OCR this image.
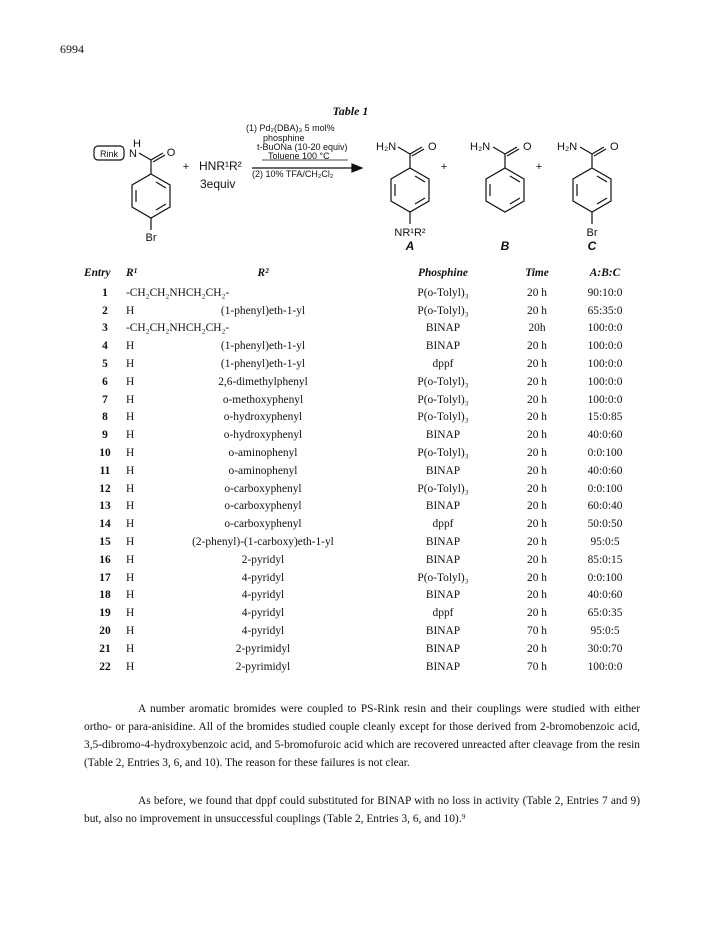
6994
Table 1
Rink
H
N	O
Br
+ HNR¹R²
3equiv
(1) Pd₂(DBA)₃ 5 mol%
phosphine
t-BuONa (10-20 equiv)
Toluene 100 °C
(2) 10% TFA/CH₂Cl₂
H₂N	O
+
H₂N	O
+
H₂N	O
NR¹R²	Br
A	B	C
Entry	R¹	R²	Phosphine	Time	A:B:C
1	-CH₂CH₂NHCH₂CH₂-		P(o-Tolyl)₃	20 h	90:10:0
2	H	(1-phenyl)eth-1-yl	P(o-Tolyl)₃	20 h	65:35:0
3	-CH₂CH₂NHCH₂CH₂-		BINAP	20h	100:0:0
4	H	(1-phenyl)eth-1-yl	BINAP	20 h	100:0:0
5	H	(1-phenyl)eth-1-yl	dppf	20 h	100:0:0
6	H	2,6-dimethylphenyl	P(o-Tolyl)₃	20 h	100:0:0
7	H	o-methoxyphenyl	P(o-Tolyl)₃	20 h	100:0:0
8	H	o-hydroxyphenyl	P(o-Tolyl)₃	20 h	15:0:85
9	H	o-hydroxyphenyl	BINAP	20 h	40:0:60
10	H	o-aminophenyl	P(o-Tolyl)₃	20 h	0:0:100
11	H	o-aminophenyl	BINAP	20 h	40:0:60
12	H	o-carboxyphenyl	P(o-Tolyl)₃	20 h	0:0:100
13	H	o-carboxyphenyl	BINAP	20 h	60:0:40
14	H	o-carboxyphenyl	dppf	20 h	50:0:50
15	H	(2-phenyl)-(1-carboxy)eth-1-yl	BINAP	20 h	95:0:5
16	H	2-pyridyl	BINAP	20 h	85:0:15
17	H	4-pyridyl	P(o-Tolyl)₃	20 h	0:0:100
18	H	4-pyridyl	BINAP	20 h	40:0:60
19	H	4-pyridyl	dppf	20 h	65:0:35
20	H	4-pyridyl	BINAP	70 h	95:0:5
21	H	2-pyrimidyl	BINAP	20 h	30:0:70
22	H	2-pyrimidyl	BINAP	70 h	100:0:0

A number aromatic bromides were coupled to PS-Rink resin and their couplings were studied with either ortho- or para-anisidine. All of the bromides studied couple cleanly except for those derived from 2-bromobenzoic acid, 3,5-dibromo-4-hydroxybenzoic acid, and 5-bromofuroic acid which are recovered unreacted after cleavage from the resin (Table 2, Entries 3, 6, and 10). The reason for these failures is not clear.

As before, we found that dppf could substituted for BINAP with no loss in activity (Table 2, Entries 7 and 9) but, also no improvement in unsuccessful couplings (Table 2, Entries 3, 6, and 10).⁹
